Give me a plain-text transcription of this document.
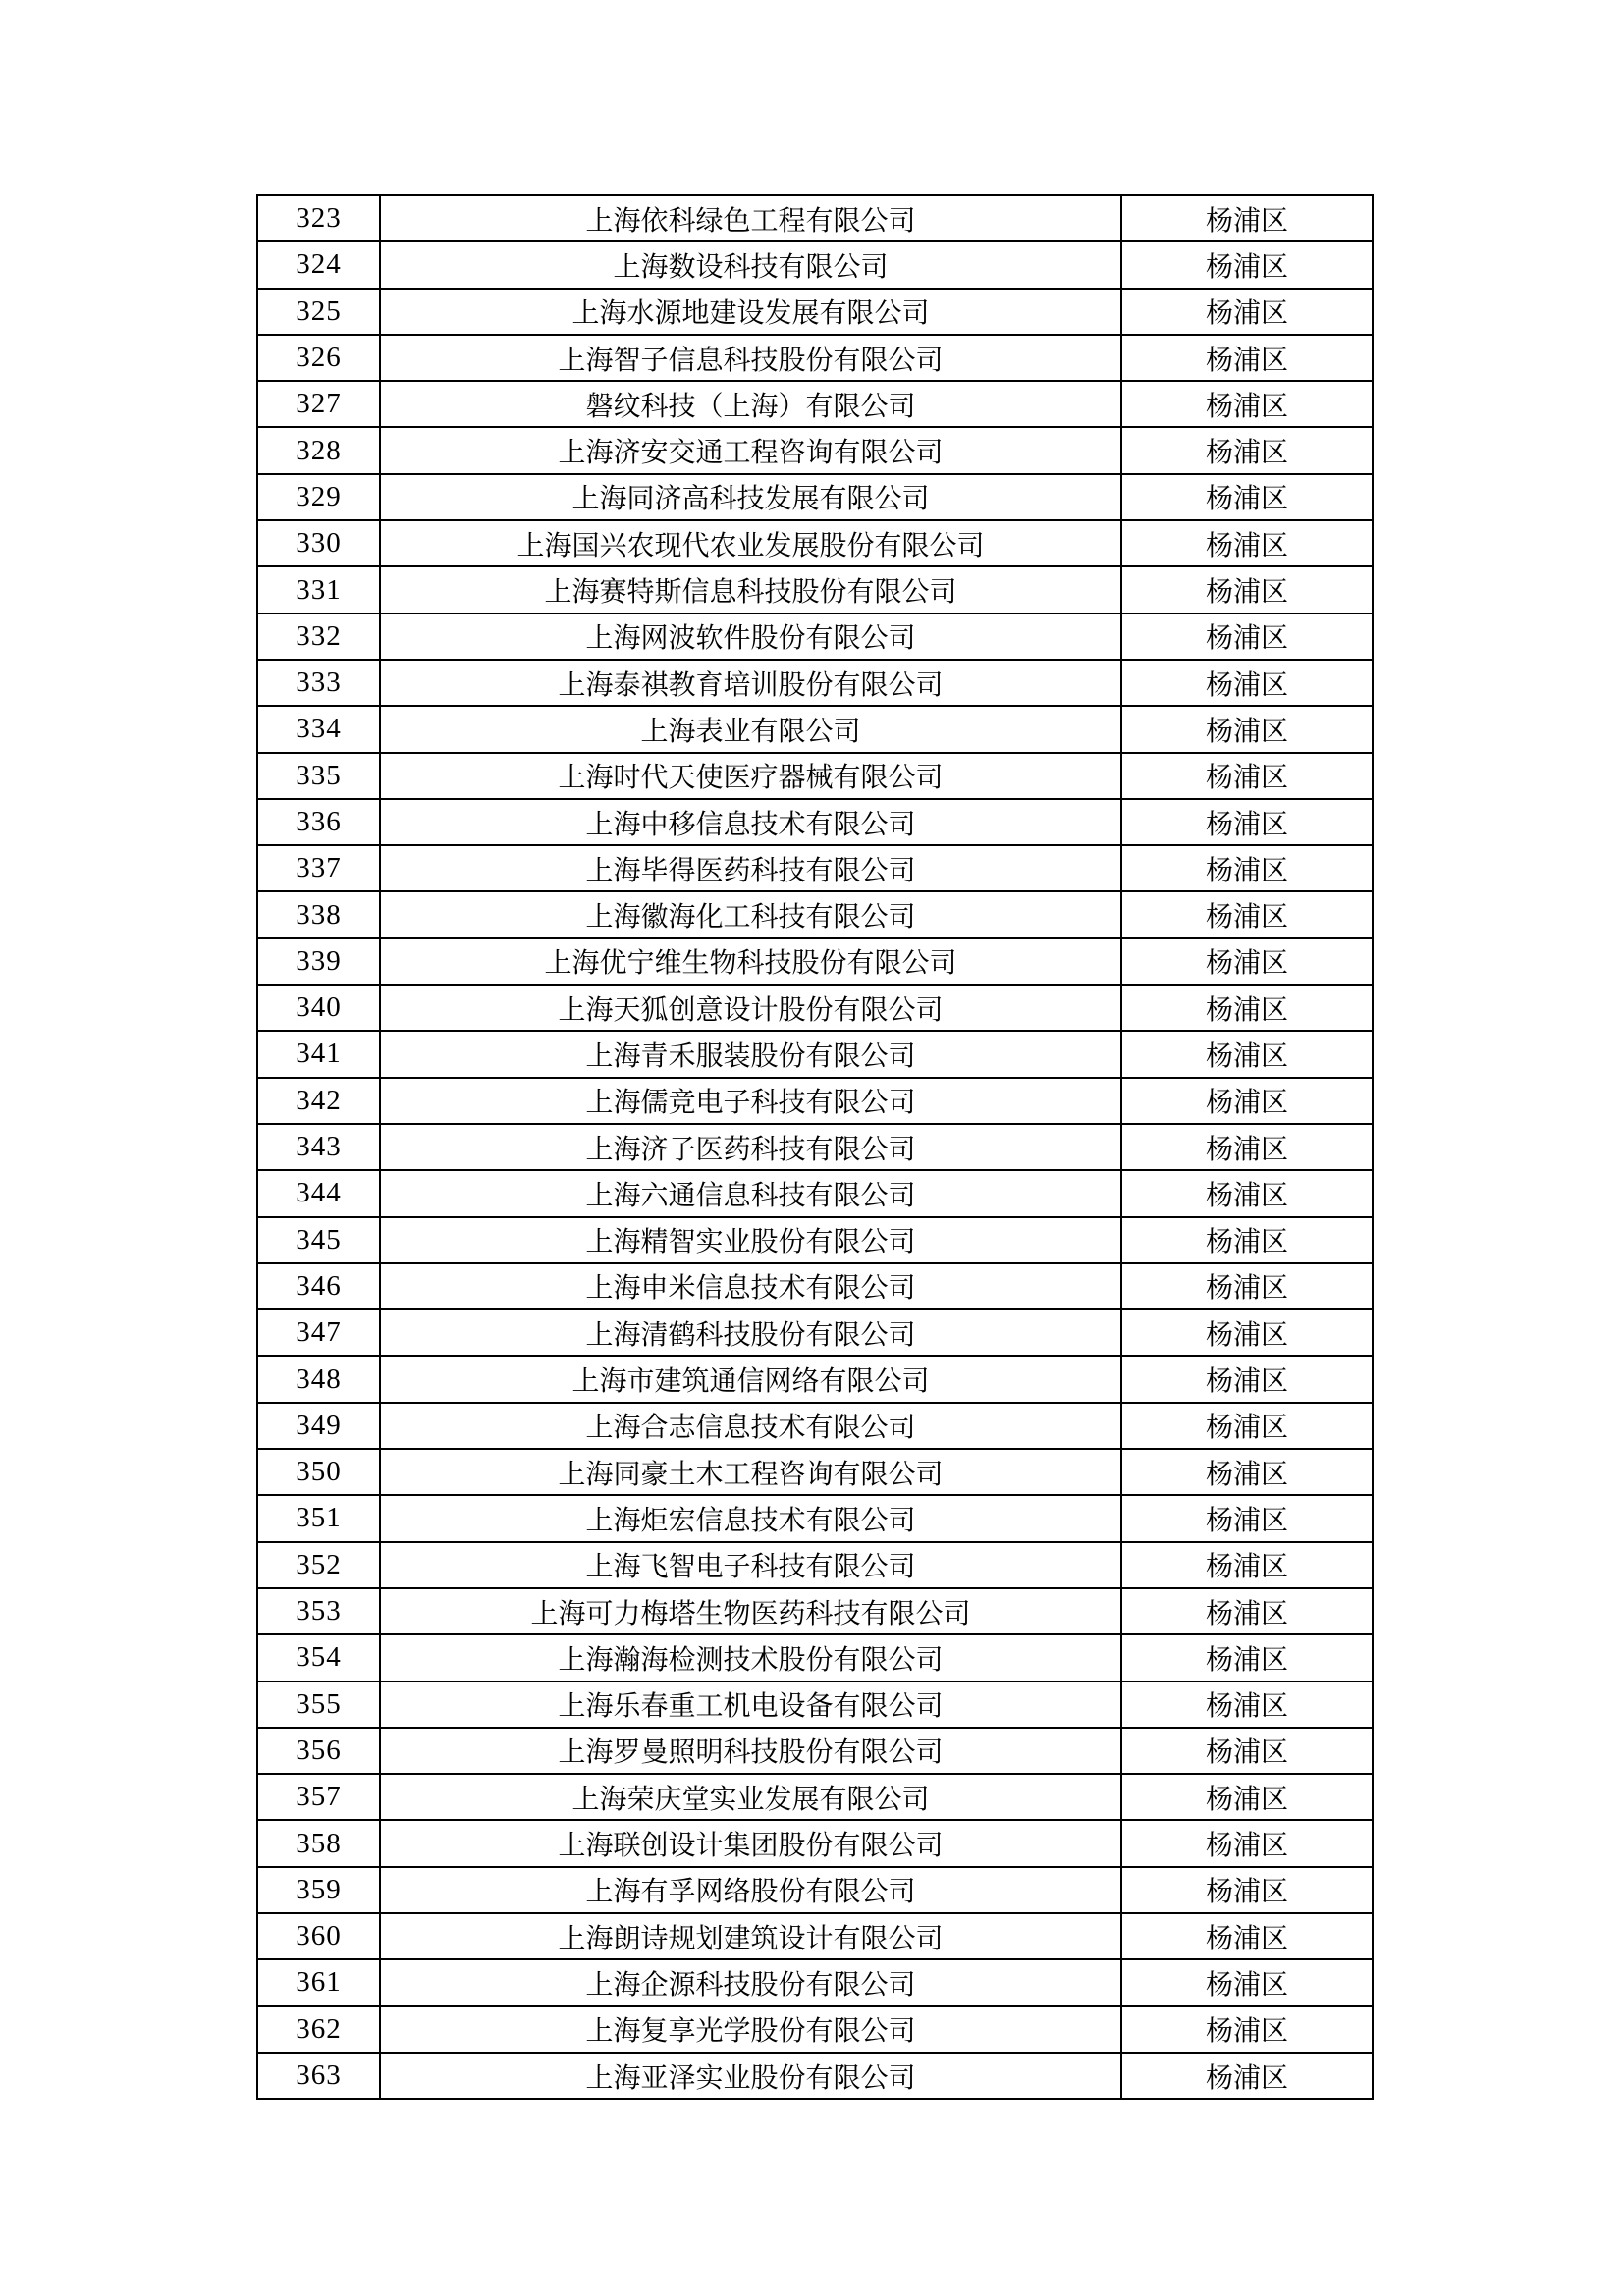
323	上海依科绿色工程有限公司	杨浦区
324	上海数设科技有限公司	杨浦区
325	上海水源地建设发展有限公司	杨浦区
326	上海智子信息科技股份有限公司	杨浦区
327	磐纹科技（上海）有限公司	杨浦区
328	上海济安交通工程咨询有限公司	杨浦区
329	上海同济高科技发展有限公司	杨浦区
330	上海国兴农现代农业发展股份有限公司	杨浦区
331	上海赛特斯信息科技股份有限公司	杨浦区
332	上海网波软件股份有限公司	杨浦区
333	上海泰祺教育培训股份有限公司	杨浦区
334	上海表业有限公司	杨浦区
335	上海时代天使医疗器械有限公司	杨浦区
336	上海中移信息技术有限公司	杨浦区
337	上海毕得医药科技有限公司	杨浦区
338	上海徽海化工科技有限公司	杨浦区
339	上海优宁维生物科技股份有限公司	杨浦区
340	上海天狐创意设计股份有限公司	杨浦区
341	上海青禾服装股份有限公司	杨浦区
342	上海儒竞电子科技有限公司	杨浦区
343	上海济子医药科技有限公司	杨浦区
344	上海六通信息科技有限公司	杨浦区
345	上海精智实业股份有限公司	杨浦区
346	上海申米信息技术有限公司	杨浦区
347	上海清鹤科技股份有限公司	杨浦区
348	上海市建筑通信网络有限公司	杨浦区
349	上海合志信息技术有限公司	杨浦区
350	上海同豪土木工程咨询有限公司	杨浦区
351	上海炬宏信息技术有限公司	杨浦区
352	上海飞智电子科技有限公司	杨浦区
353	上海可力梅塔生物医药科技有限公司	杨浦区
354	上海瀚海检测技术股份有限公司	杨浦区
355	上海乐春重工机电设备有限公司	杨浦区
356	上海罗曼照明科技股份有限公司	杨浦区
357	上海荣庆堂实业发展有限公司	杨浦区
358	上海联创设计集团股份有限公司	杨浦区
359	上海有孚网络股份有限公司	杨浦区
360	上海朗诗规划建筑设计有限公司	杨浦区
361	上海企源科技股份有限公司	杨浦区
362	上海复享光学股份有限公司	杨浦区
363	上海亚泽实业股份有限公司	杨浦区
